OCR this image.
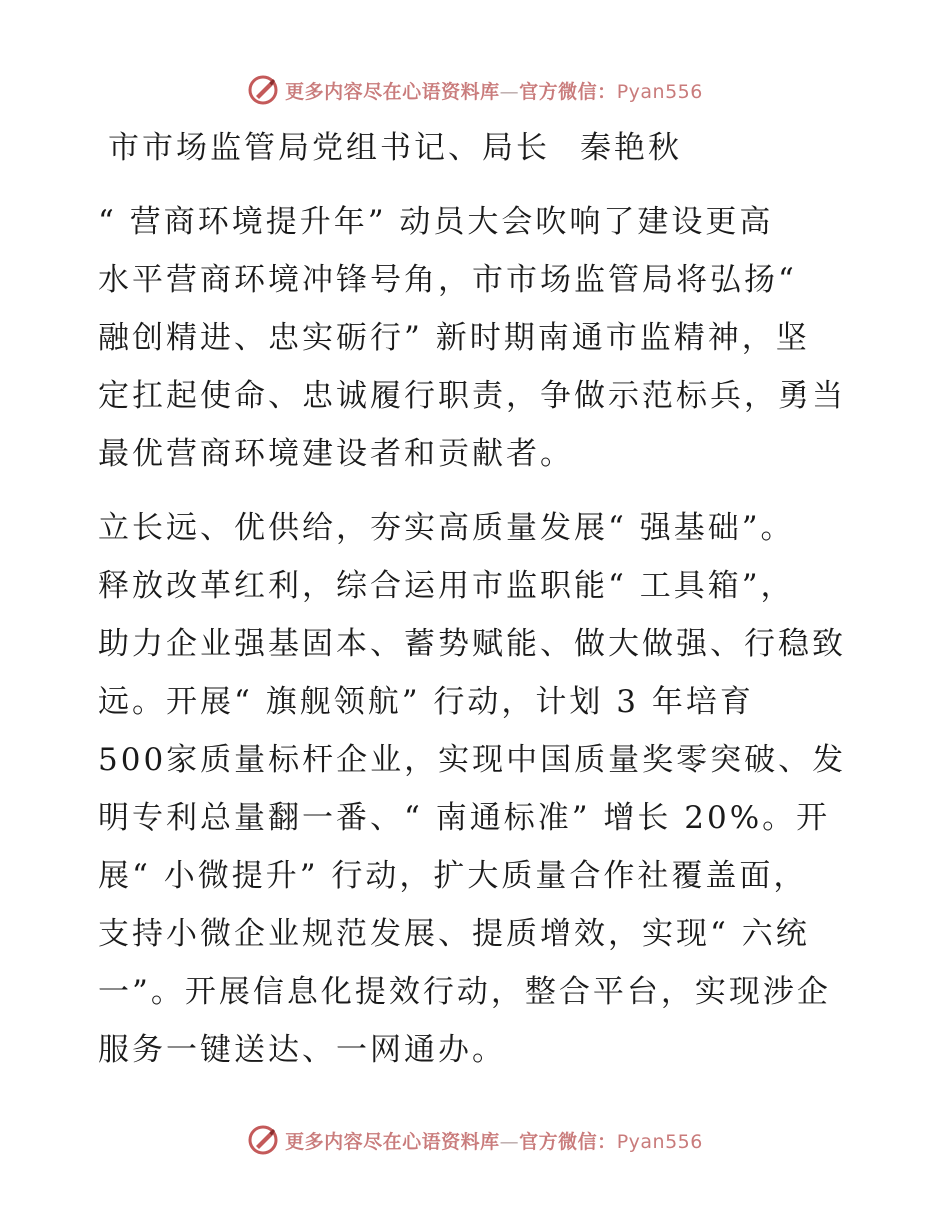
更多内容尽在心语资料库—官方微信：Pyan556
市市场监管局党组书记、局长 秦艳秋
“ 营商环境提升年” 动员大会吹响了建设更高
水平营商环境冲锋号角，市市场监管局将弘扬“
融创精进、忠实砺行” 新时期南通市监精神，坚
定扛起使命、忠诚履行职责，争做示范标兵，勇当
最优营商环境建设者和贡献者。
立长远、优供给，夯实高质量发展“ 强基础”。
释放改革红利，综合运用市监职能“ 工具箱”，
助力企业强基固本、蓄势赋能、做大做强、行稳致
远。开展“ 旗舰领航” 行动，计划 3 年培育
500家质量标杆企业，实现中国质量奖零突破、发
明专利总量翻一番、“ 南通标准” 增长 20%。开
展“ 小微提升” 行动，扩大质量合作社覆盖面，
支持小微企业规范发展、提质增效，实现“ 六统
一”。开展信息化提效行动，整合平台，实现涉企
服务一键送达、一网通办。
更多内容尽在心语资料库—官方微信：Pyan556
